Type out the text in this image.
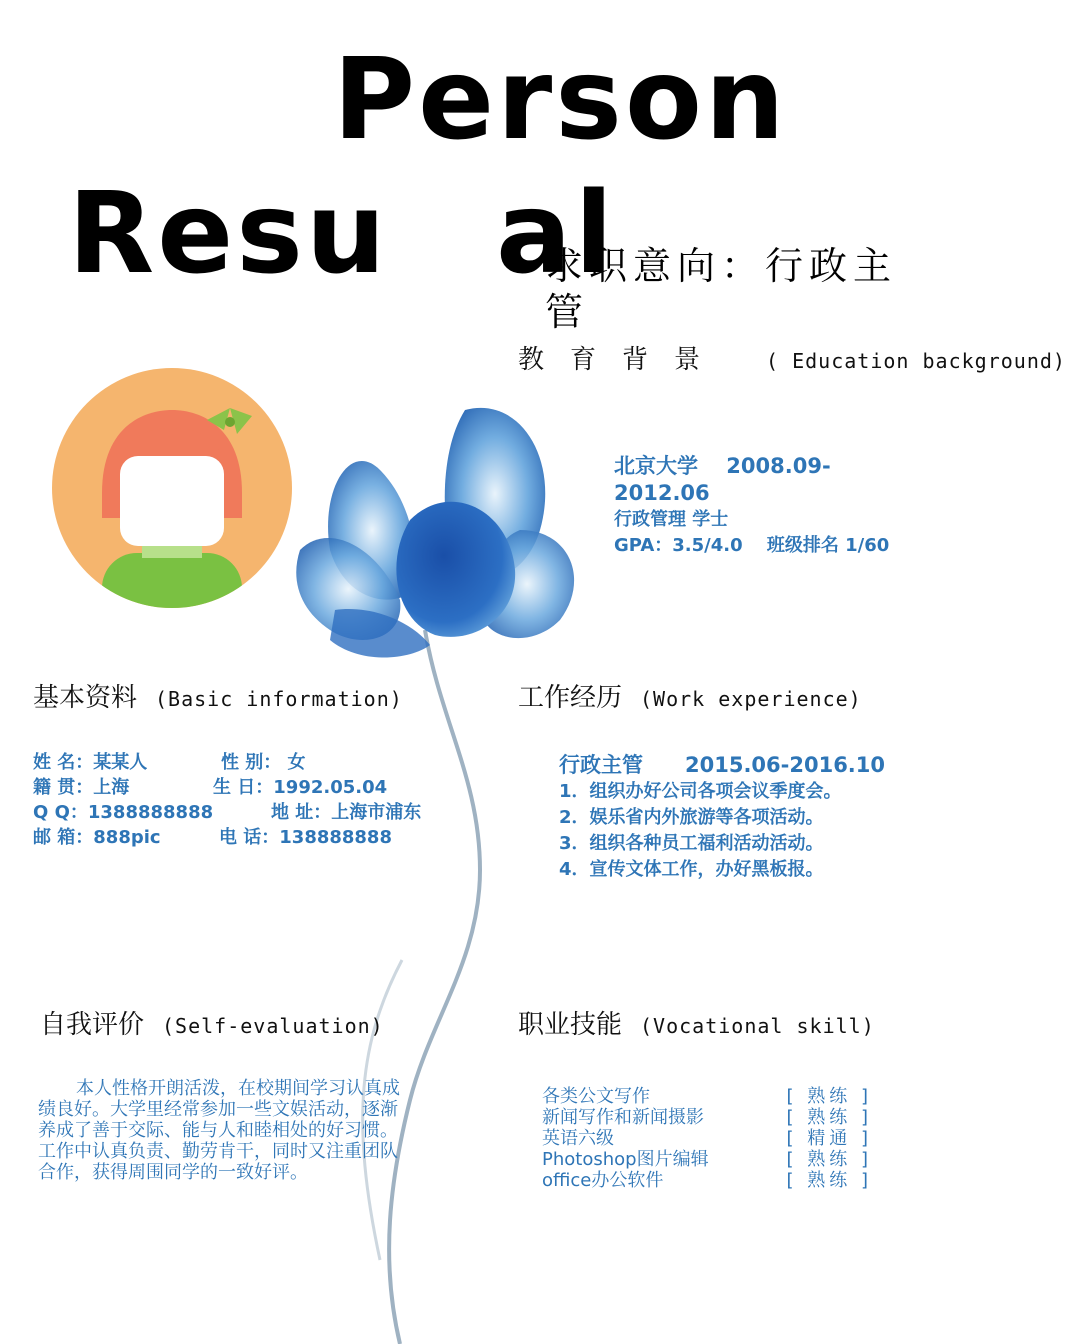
Person
Resu al
求职意向：行政主管
教育背景 ( Education background)
北京大学　 2008.09-2012.06
行政管理 学士
GPA：3.5/4.0　 班级排名 1/60
基本资料 (Basic information)
姓 名：某某人	性 别： 女
籍 贯：上海	生 日：1992.05.04
Q Q：1388888888	地 址：上海市浦东
邮 箱：888pic	电 话：138888888
工作经历 (Work experience)
行政主管　　2015.06-2016.10
1．组织办好公司各项会议季度会。
2．娱乐省内外旅游等各项活动。
3．组织各种员工福利活动活动。
4．宣传文体工作，办好黑板报。
自我评价 (Self-evaluation)
本人性格开朗活泼，在校期间学习认真成绩良好。大学里经常参加一些文娱活动，逐渐养成了善于交际、能与人和睦相处的好习惯。工作中认真负责、勤劳肯干，同时又注重团队合作，获得周围同学的一致好评。
职业技能 (Vocational skill)
各类公文写作	[ 熟练 ]
新闻写作和新闻摄影	[ 熟练 ]
英语六级	[ 精通 ]
Photoshop图片编辑	[ 熟练 ]
office办公软件	[ 熟练 ]
